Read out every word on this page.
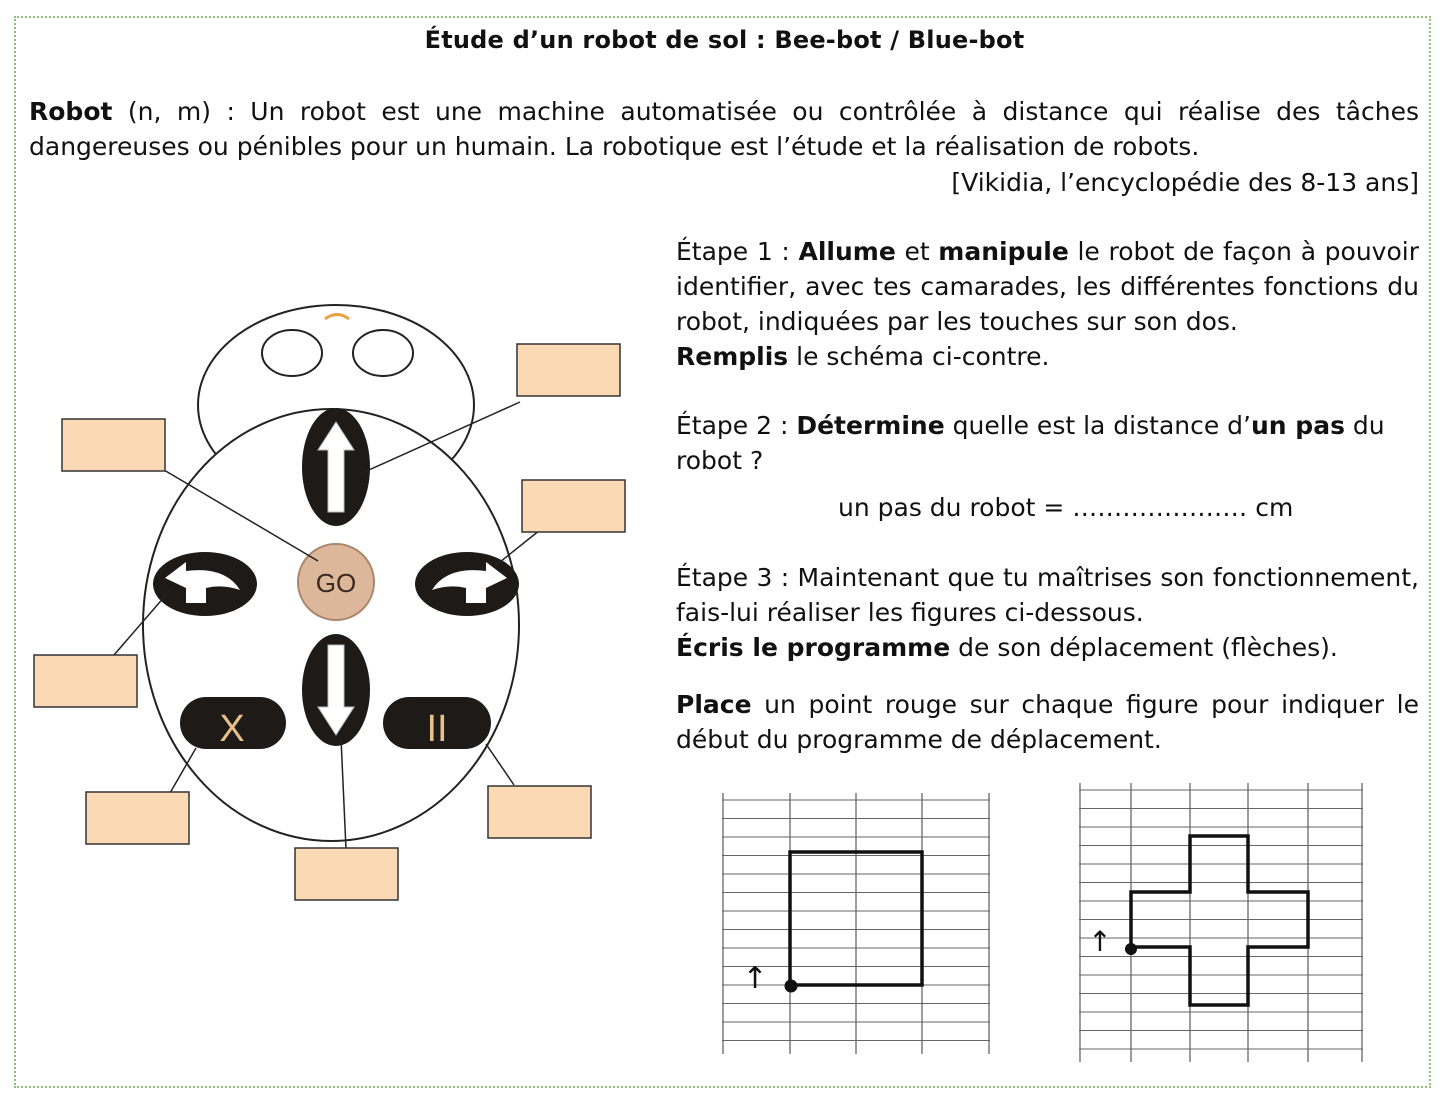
Étude d’un robot de sol : Bee-bot / Blue-bot
Robot (n, m) : Un robot est une machine automatisée ou contrôlée à distance qui réalise des tâches dangereuses ou pénibles pour un humain. La robotique est l’étude et la réalisation de robots.
[Vikidia, l’encyclopédie des 8-13 ans]

Étape 1 : Allume et manipule le robot de façon à pouvoir identifier, avec tes camarades, les différentes fonctions du robot, indiquées par les touches sur son dos.
Remplis le schéma ci-contre.

Étape 2 : Détermine quelle est la distance d’un pas du robot ?

un pas du robot = ………………… cm

Étape 3 : Maintenant que tu maîtrises son fonctionnement, fais-lui réaliser les figures ci-dessous.
Écris le programme de son déplacement (flèches).

Place un point rouge sur chaque figure pour indiquer le début du programme de déplacement.

GO
X	II
↑
↑
